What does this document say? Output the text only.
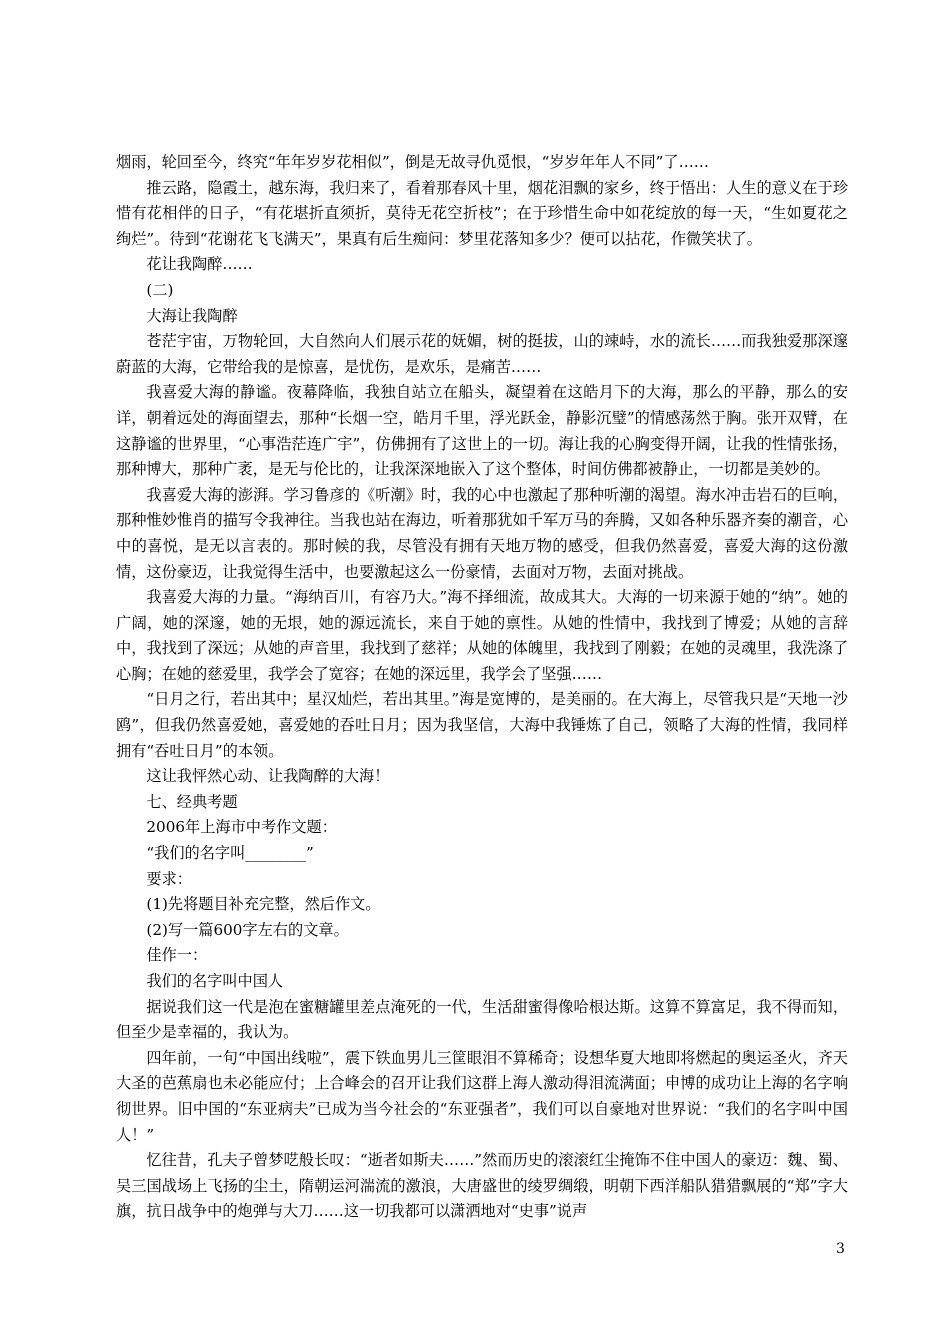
烟雨，轮回至今，终究“年年岁岁花相似”，倒是无故寻仇觅恨，“岁岁年年人不同”了……

推云路，隐霞土，越东海，我归来了，看着那春风十里，烟花泪飘的家乡，终于悟出：人生的意义在于珍惜有花相伴的日子，“有花堪折直须折，莫待无花空折枝”；在于珍惜生命中如花绽放的每一天，“生如夏花之绚烂”。待到“花谢花飞飞满天”，果真有后生痴问：梦里花落知多少？便可以拈花，作微笑状了。

花让我陶醉……

(二)

大海让我陶醉

苍茫宇宙，万物轮回，大自然向人们展示花的妩媚，树的挺拔，山的竦峙，水的流长……而我独爱那深邃蔚蓝的大海，它带给我的是惊喜，是忧伤，是欢乐，是痛苦……

我喜爱大海的静谧。夜幕降临，我独自站立在船头，凝望着在这皓月下的大海，那么的平静，那么的安详，朝着远处的海面望去，那种“长烟一空，皓月千里，浮光跃金，静影沉璧”的情感荡然于胸。张开双臂，在这静谧的世界里，“心事浩茫连广宇”，仿佛拥有了这世上的一切。海让我的心胸变得开阔，让我的性情张扬，那种博大，那种广袤，是无与伦比的，让我深深地嵌入了这个整体，时间仿佛都被静止，一切都是美妙的。

我喜爱大海的澎湃。学习鲁彦的《听潮》时，我的心中也激起了那种听潮的渴望。海水冲击岩石的巨响，那种惟妙惟肖的描写令我神往。当我也站在海边，听着那犹如千军万马的奔腾，又如各种乐器齐奏的潮音，心中的喜悦，是无以言表的。那时候的我，尽管没有拥有天地万物的感受，但我仍然喜爱，喜爱大海的这份激情，这份豪迈，让我觉得生活中，也要激起这么一份豪情，去面对万物，去面对挑战。

我喜爱大海的力量。“海纳百川，有容乃大。”海不择细流，故成其大。大海的一切来源于她的“纳”。她的广阔，她的深邃，她的无垠，她的源远流长，来自于她的禀性。从她的性情中，我找到了博爱；从她的言辞中，我找到了深远；从她的声音里，我找到了慈祥；从她的体魄里，我找到了刚毅；在她的灵魂里，我洗涤了心胸；在她的慈爱里，我学会了宽容；在她的深远里，我学会了坚强……

“日月之行，若出其中；星汉灿烂，若出其里。”海是宽博的，是美丽的。在大海上，尽管我只是“天地一沙鸥”，但我仍然喜爱她，喜爱她的吞吐日月；因为我坚信，大海中我锤炼了自己，领略了大海的性情，我同样拥有“吞吐日月”的本领。

这让我怦然心动、让我陶醉的大海！

七、经典考题

2006年上海市中考作文题：

“我们的名字叫________”

要求：

(1)先将题目补充完整，然后作文。

(2)写一篇600字左右的文章。

佳作一：

我们的名字叫中国人

据说我们这一代是泡在蜜糖罐里差点淹死的一代，生活甜蜜得像哈根达斯。这算不算富足，我不得而知，但至少是幸福的，我认为。

四年前，一句“中国出线啦”，震下铁血男儿三筐眼泪不算稀奇；设想华夏大地即将燃起的奥运圣火，齐天大圣的芭蕉扇也未必能应付；上合峰会的召开让我们这群上海人激动得泪流满面；申博的成功让上海的名字响彻世界。旧中国的“东亚病夫”已成为当今社会的“东亚强者”，我们可以自豪地对世界说：“我们的名字叫中国人！”

忆往昔，孔夫子曾梦呓般长叹：“逝者如斯夫……”然而历史的滚滚红尘掩饰不住中国人的豪迈：魏、蜀、吴三国战场上飞扬的尘土，隋朝运河湍流的激浪，大唐盛世的绫罗绸缎，明朝下西洋船队猎猎飘展的“郑”字大旗，抗日战争中的炮弹与大刀……这一切我都可以潇洒地对“史事”说声

3
